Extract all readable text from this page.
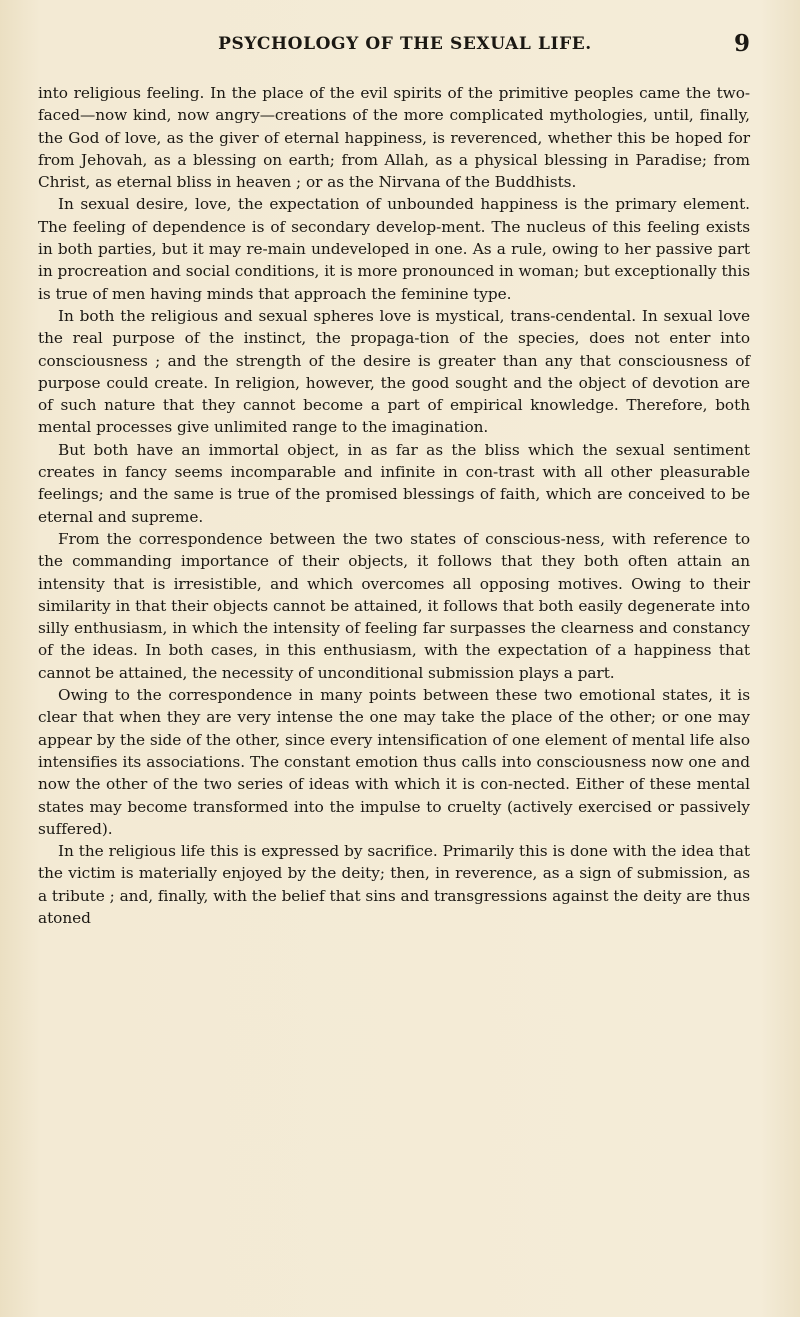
PSYCHOLOGY OF THE SEXUAL LIFE.	9

into religious feeling. In the place of the evil spirits of the primitive peoples came the two-faced—now kind, now angry—creations of the more complicated mythologies, until, finally, the God of love, as the giver of eternal happiness, is reverenced, whether this be hoped for from Jehovah, as a blessing on earth; from Allah, as a physical blessing in Paradise; from Christ, as eternal bliss in heaven ; or as the Nirvana of the Buddhists.

In sexual desire, love, the expectation of unbounded happiness is the primary element. The feeling of dependence is of secondary develop-ment. The nucleus of this feeling exists in both parties, but it may re-main undeveloped in one. As a rule, owing to her passive part in procreation and social conditions, it is more pronounced in woman; but exceptionally this is true of men having minds that approach the feminine type.

In both the religious and sexual spheres love is mystical, trans-cendental. In sexual love the real purpose of the instinct, the propaga-tion of the species, does not enter into consciousness ; and the strength of the desire is greater than any that consciousness of purpose could create. In religion, however, the good sought and the object of devotion are of such nature that they cannot become a part of empirical knowledge. Therefore, both mental processes give unlimited range to the imagination.

But both have an immortal object, in as far as the bliss which the sexual sentiment creates in fancy seems incomparable and infinite in con-trast with all other pleasurable feelings; and the same is true of the promised blessings of faith, which are conceived to be eternal and supreme.

From the correspondence between the two states of conscious-ness, with reference to the commanding importance of their objects, it follows that they both often attain an intensity that is irresistible, and which overcomes all opposing motives. Owing to their similarity in that their objects cannot be attained, it follows that both easily degenerate into silly enthusiasm, in which the intensity of feeling far surpasses the clearness and constancy of the ideas. In both cases, in this enthusiasm, with the expectation of a happiness that cannot be attained, the necessity of unconditional submission plays a part.

Owing to the correspondence in many points between these two emotional states, it is clear that when they are very intense the one may take the place of the other; or one may appear by the side of the other, since every intensification of one element of mental life also intensifies its associations. The constant emotion thus calls into consciousness now one and now the other of the two series of ideas with which it is con-nected. Either of these mental states may become transformed into the impulse to cruelty (actively exercised or passively suffered).

In the religious life this is expressed by sacrifice. Primarily this is done with the idea that the victim is materially enjoyed by the deity; then, in reverence, as a sign of submission, as a tribute ; and, finally, with the belief that sins and transgressions against the deity are thus atoned
